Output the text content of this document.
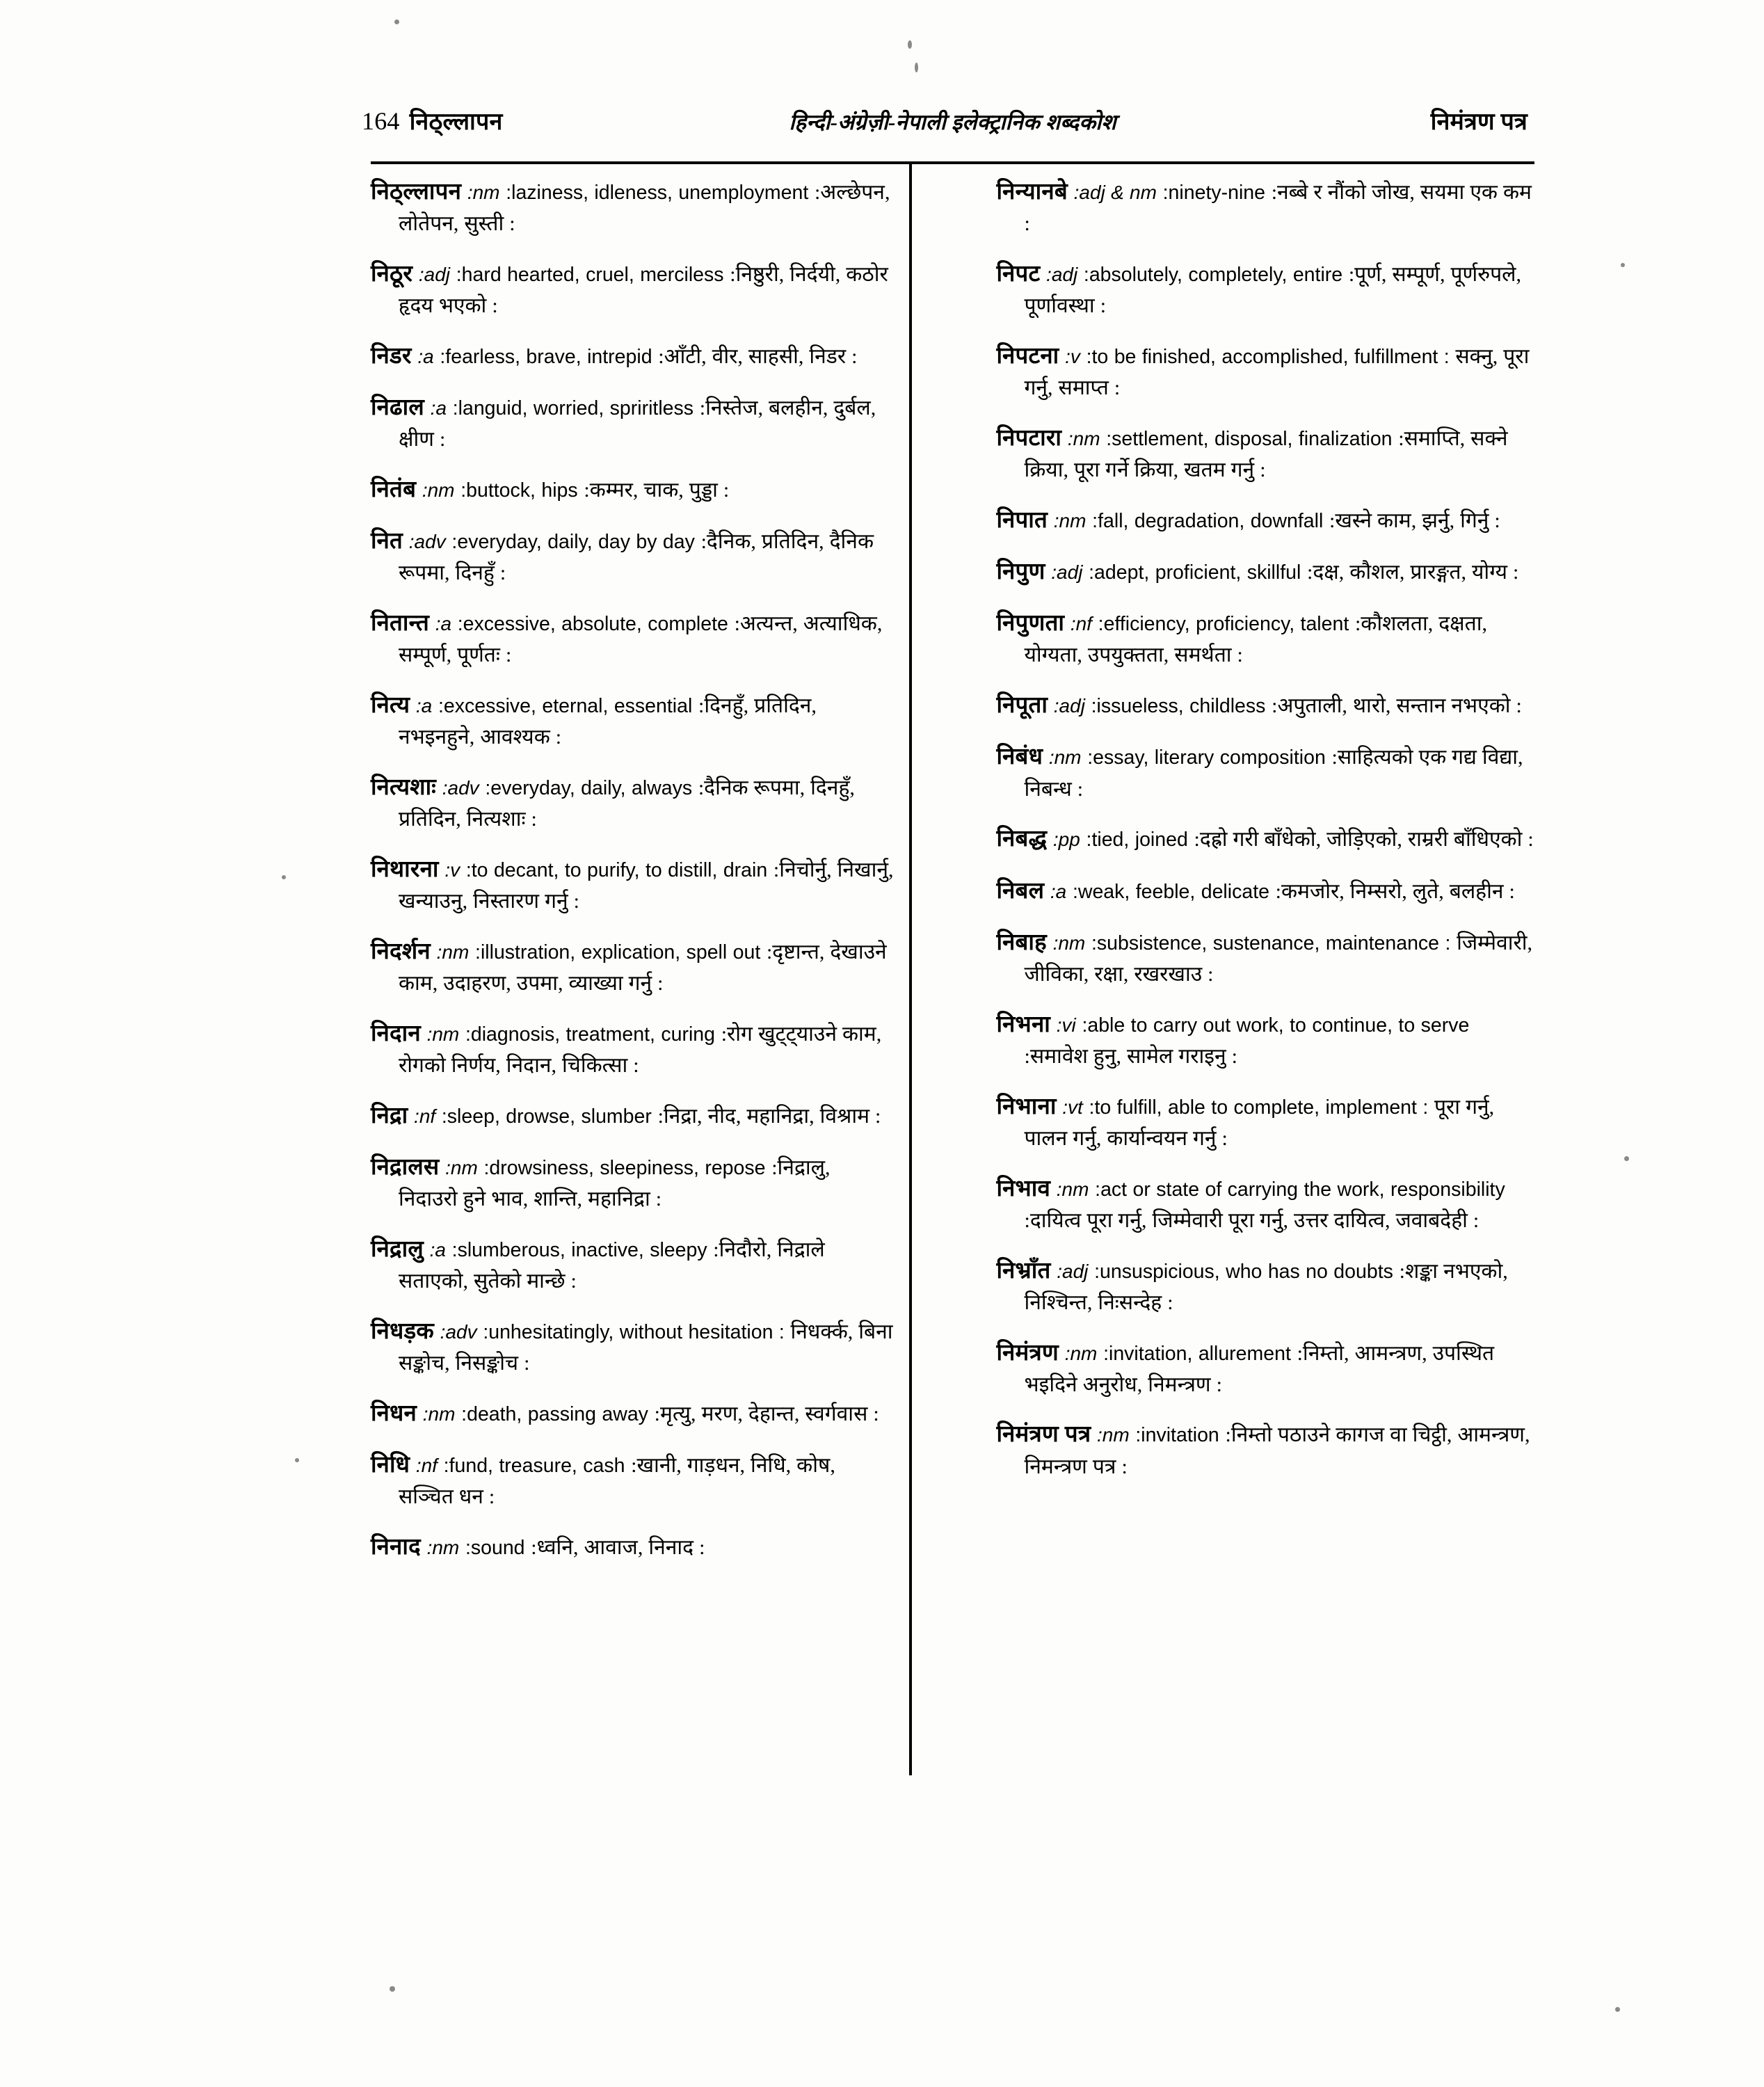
164 निठ्ल्लापन	हिन्दी-अंग्रेज़ी-नेपाली इलेक्ट्रानिक शब्दकोश	निमंत्रण पत्र
निठ्ल्लापन :nm :laziness, idleness, unemployment :अल्छेपन, लोतेपन, सुस्ती :
निठूर :adj :hard hearted, cruel, merciless :निष्ठुरी, निर्दयी, कठोर हृदय भएको :
निडर :a :fearless, brave, intrepid :आँटी, वीर, साहसी, निडर :
निढाल :a :languid, worried, spriritless :निस्तेज, बलहीन, दुर्बल, क्षीण :
नितंब :nm :buttock, hips :कम्मर, चाक, पुड्डा :
नित :adv :everyday, daily, day by day :दैनिक, प्रतिदिन, दैनिक रूपमा, दिनहुँ :
नितान्त :a :excessive, absolute, complete :अत्यन्त, अत्याधिक, सम्पूर्ण, पूर्णतः :
नित्य :a :excessive, eternal, essential :दिनहुँ, प्रतिदिन, नभइनहुने, आवश्यक :
नित्यशाः :adv :everyday, daily, always :दैनिक रूपमा, दिनहुँ, प्रतिदिन, नित्यशाः :
निथारना :v :to decant, to purify, to distill, drain :निचोर्नु, निखार्नु, खन्याउनु, निस्तारण गर्नु :
निदर्शन :nm :illustration, explication, spell out :दृष्टान्त, देखाउने काम, उदाहरण, उपमा, व्याख्या गर्नु :
निदान :nm :diagnosis, treatment, curing :रोग खुट्ट्याउने काम, रोगको निर्णय, निदान, चिकित्सा :
निद्रा :nf :sleep, drowse, slumber :निद्रा, नीद, महानिद्रा, विश्राम :
निद्रालस :nm :drowsiness, sleepiness, repose :निद्रालु, निदाउरो हुने भाव, शान्ति, महानिद्रा :
निद्रालु :a :slumberous, inactive, sleepy :निदौरो, निद्राले सताएको, सुतेको मान्छे :
निधड़क :adv :unhesitatingly, without hesitation : निधर्क्क, बिना सङ्कोच, निसङ्कोच :
निधन :nm :death, passing away :मृत्यु, मरण, देहान्त, स्वर्गवास :
निधि :nf :fund, treasure, cash :खानी, गाड़धन, निधि, कोष, सञ्चित धन :
निनाद :nm :sound :ध्वनि, आवाज, निनाद :
निन्यानबे :adj & nm :ninety-nine :नब्बे र नौंको जोख, सयमा एक कम :
निपट :adj :absolutely, completely, entire :पूर्ण, सम्पूर्ण, पूर्णरुपले, पूर्णावस्था :
निपटना :v :to be finished, accomplished, fulfillment : सक्नु, पूरा गर्नु, समाप्त :
निपटारा :nm :settlement, disposal, finalization :समाप्ति, सक्ने क्रिया, पूरा गर्ने क्रिया, खतम गर्नु :
निपात :nm :fall, degradation, downfall :खस्ने काम, झर्नु, गिर्नु :
निपुण :adj :adept, proficient, skillful :दक्ष, कौशल, प्रारङ्गत, योग्य :
निपुणता :nf :efficiency, proficiency, talent :कौशलता, दक्षता, योग्यता, उपयुक्तता, समर्थता :
निपूता :adj :issueless, childless :अपुताली, थारो, सन्तान नभएको :
निबंध :nm :essay, literary composition :साहित्यको एक गद्य विद्या, निबन्ध :
निबद्ध :pp :tied, joined :दह्रो गरी बाँधेको, जोड़िएको, राम्ररी बाँधिएको :
निबल :a :weak, feeble, delicate :कमजोर, निम्सरो, लुते, बलहीन :
निबाह :nm :subsistence, sustenance, maintenance : जिम्मेवारी, जीविका, रक्षा, रखरखाउ :
निभना :vi :able to carry out work, to continue, to serve :समावेश हुनु, सामेल गराइनु :
निभाना :vt :to fulfill, able to complete, implement : पूरा गर्नु, पालन गर्नु, कार्यान्वयन गर्नु :
निभाव :nm :act or state of carrying the work, responsibility :दायित्व पूरा गर्नु, जिम्मेवारी पूरा गर्नु, उत्तर दायित्व, जवाबदेही :
निभ्राँत :adj :unsuspicious, who has no doubts :शङ्का नभएको, निश्चिन्त, निःसन्देह :
निमंत्रण :nm :invitation, allurement :निम्तो, आमन्त्रण, उपस्थित भइदिने अनुरोध, निमन्त्रण :
निमंत्रण पत्र :nm :invitation :निम्तो पठाउने कागज वा चिट्ठी, आमन्त्रण, निमन्त्रण पत्र :
